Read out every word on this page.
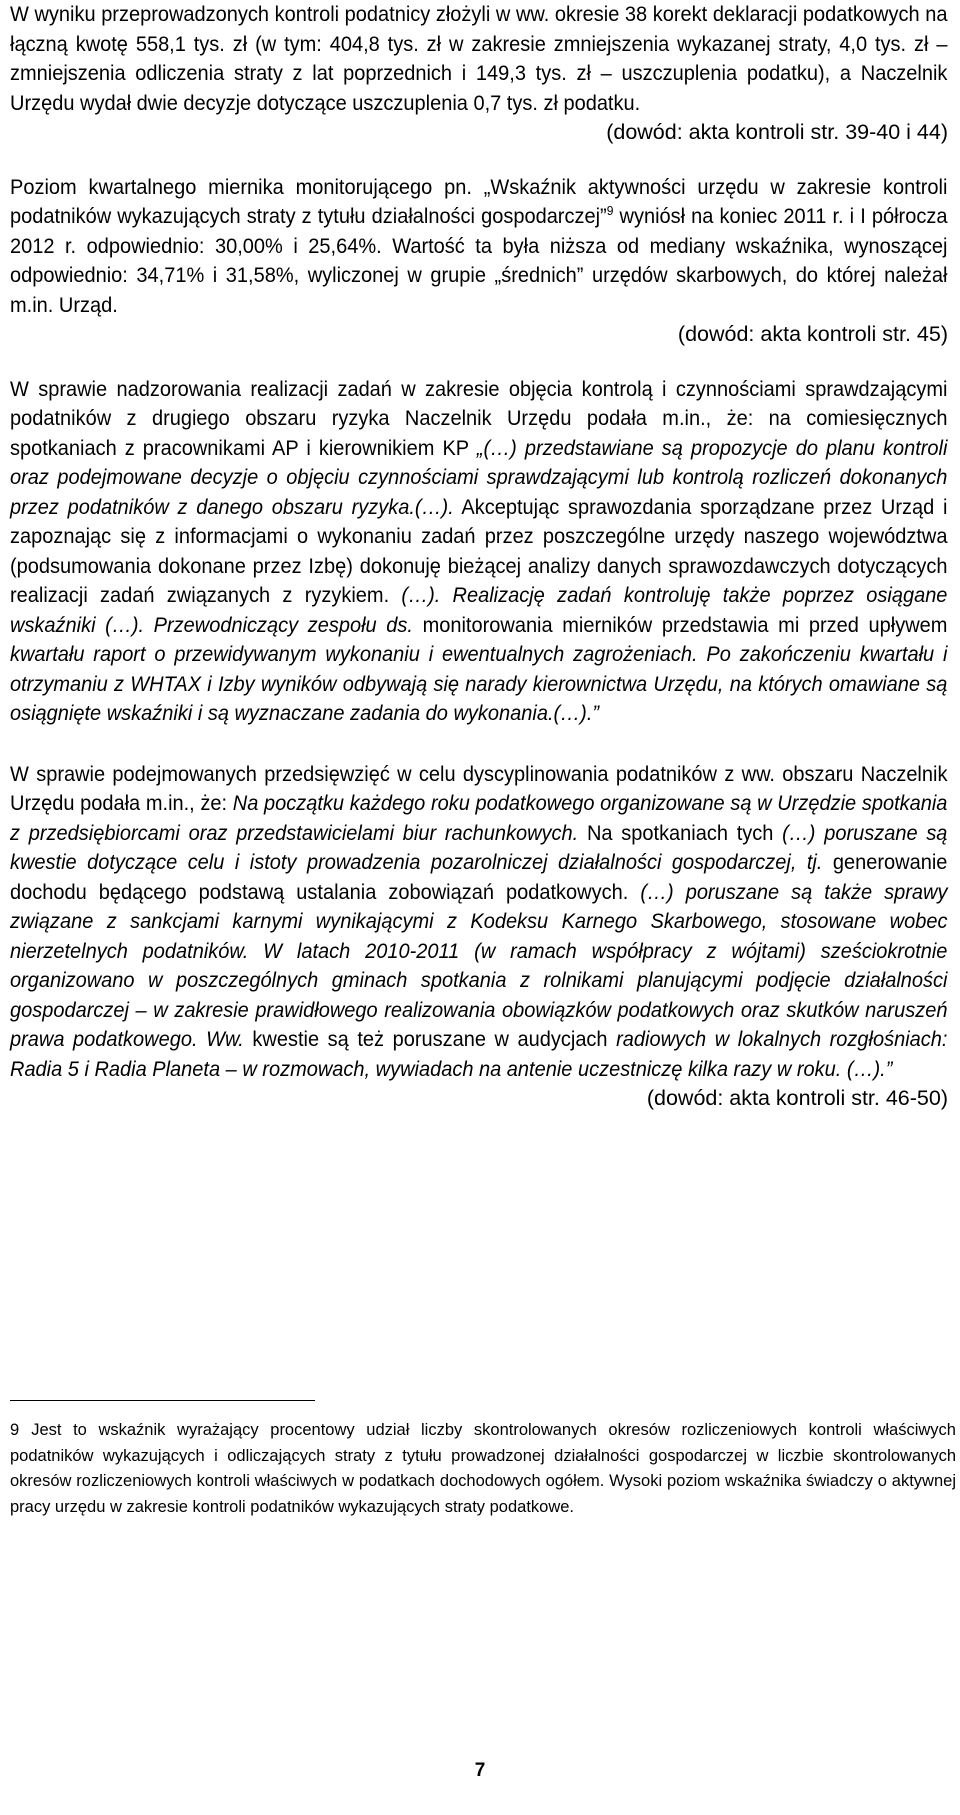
W wyniku przeprowadzonych kontroli podatnicy złożyli w ww. okresie 38 korekt deklaracji podatkowych na łączną kwotę 558,1 tys. zł (w tym: 404,8 tys. zł w zakresie zmniejszenia wykazanej straty, 4,0 tys. zł – zmniejszenia odliczenia straty z lat poprzednich i 149,3 tys. zł – uszczuplenia podatku), a Naczelnik Urzędu wydał dwie decyzje dotyczące uszczuplenia 0,7 tys. zł podatku.

(dowód: akta kontroli str. 39-40 i 44)

Poziom kwartalnego miernika monitorującego pn. „Wskaźnik aktywności urzędu w zakresie kontroli podatników wykazujących straty z tytułu działalności gospodarczej”$^9$ wyniósł na koniec 2011 r. i I półrocza 2012 r. odpowiednio: 30,00% i 25,64%. Wartość ta była niższa od mediany wskaźnika, wynoszącej odpowiednio: 34,71% i 31,58%, wyliczonej w grupie „średnich” urzędów skarbowych, do której należał m.in. Urząd.

(dowód: akta kontroli str. 45)

W sprawie nadzorowania realizacji zadań w zakresie objęcia kontrolą i czynnościami sprawdzającymi podatników z drugiego obszaru ryzyka Naczelnik Urzędu podała m.in., że: na comiesięcznych spotkaniach z pracownikami AP i kierownikiem KP „(…) przedstawiane są propozycje do planu kontroli oraz podejmowane decyzje o objęciu czynnościami sprawdzającymi lub kontrolą rozliczeń dokonanych przez podatników z danego obszaru ryzyka.(…). Akceptując sprawozdania sporządzane przez Urząd i zapoznając się z informacjami o wykonaniu zadań przez poszczególne urzędy naszego województwa (podsumowania dokonane przez Izbę) dokonuję bieżącej analizy danych sprawozdawczych dotyczących realizacji zadań związanych z ryzykiem. (…). Realizację zadań kontroluję także poprzez osiągane wskaźniki (…). Przewodniczący zespołu ds. monitorowania mierników przedstawia mi przed upływem kwartału raport o przewidywanym wykonaniu i ewentualnych zagrożeniach. Po zakończeniu kwartału i otrzymaniu z WHTAX i Izby wyników odbywają się narady kierownictwa Urzędu, na których omawiane są osiągnięte wskaźniki i są wyznaczane zadania do wykonania.(…).”

W sprawie podejmowanych przedsięwzięć w celu dyscyplinowania podatników z ww. obszaru Naczelnik Urzędu podała m.in., że: Na początku każdego roku podatkowego organizowane są w Urzędzie spotkania z przedsiębiorcami oraz przedstawicielami biur rachunkowych. Na spotkaniach tych (…) poruszane są kwestie dotyczące celu i istoty prowadzenia pozarolniczej działalności gospodarczej, tj. generowanie dochodu będącego podstawą ustalania zobowiązań podatkowych. (…) poruszane są także sprawy związane z sankcjami karnymi wynikającymi z Kodeksu Karnego Skarbowego, stosowane wobec nierzetelnych podatników. W latach 2010-2011 (w ramach współpracy z wójtami) sześciokrotnie organizowano w poszczególnych gminach spotkania z rolnikami planującymi podjęcie działalności gospodarczej – w zakresie prawidłowego realizowania obowiązków podatkowych oraz skutków naruszeń prawa podatkowego. Ww. kwestie są też poruszane w audycjach radiowych w lokalnych rozgłośniach: Radia 5 i Radia Planeta – w rozmowach, wywiadach na antenie uczestniczę kilka razy w roku. (…).”

(dowód: akta kontroli str. 46-50)

9 Jest to wskaźnik wyrażający procentowy udział liczby skontrolowanych okresów rozliczeniowych kontroli właściwych podatników wykazujących i odliczających straty z tytułu prowadzonej działalności gospodarczej w liczbie skontrolowanych okresów rozliczeniowych kontroli właściwych w podatkach dochodowych ogółem. Wysoki poziom wskaźnika świadczy o aktywnej pracy urzędu w zakresie kontroli podatników wykazujących straty podatkowe.

7
